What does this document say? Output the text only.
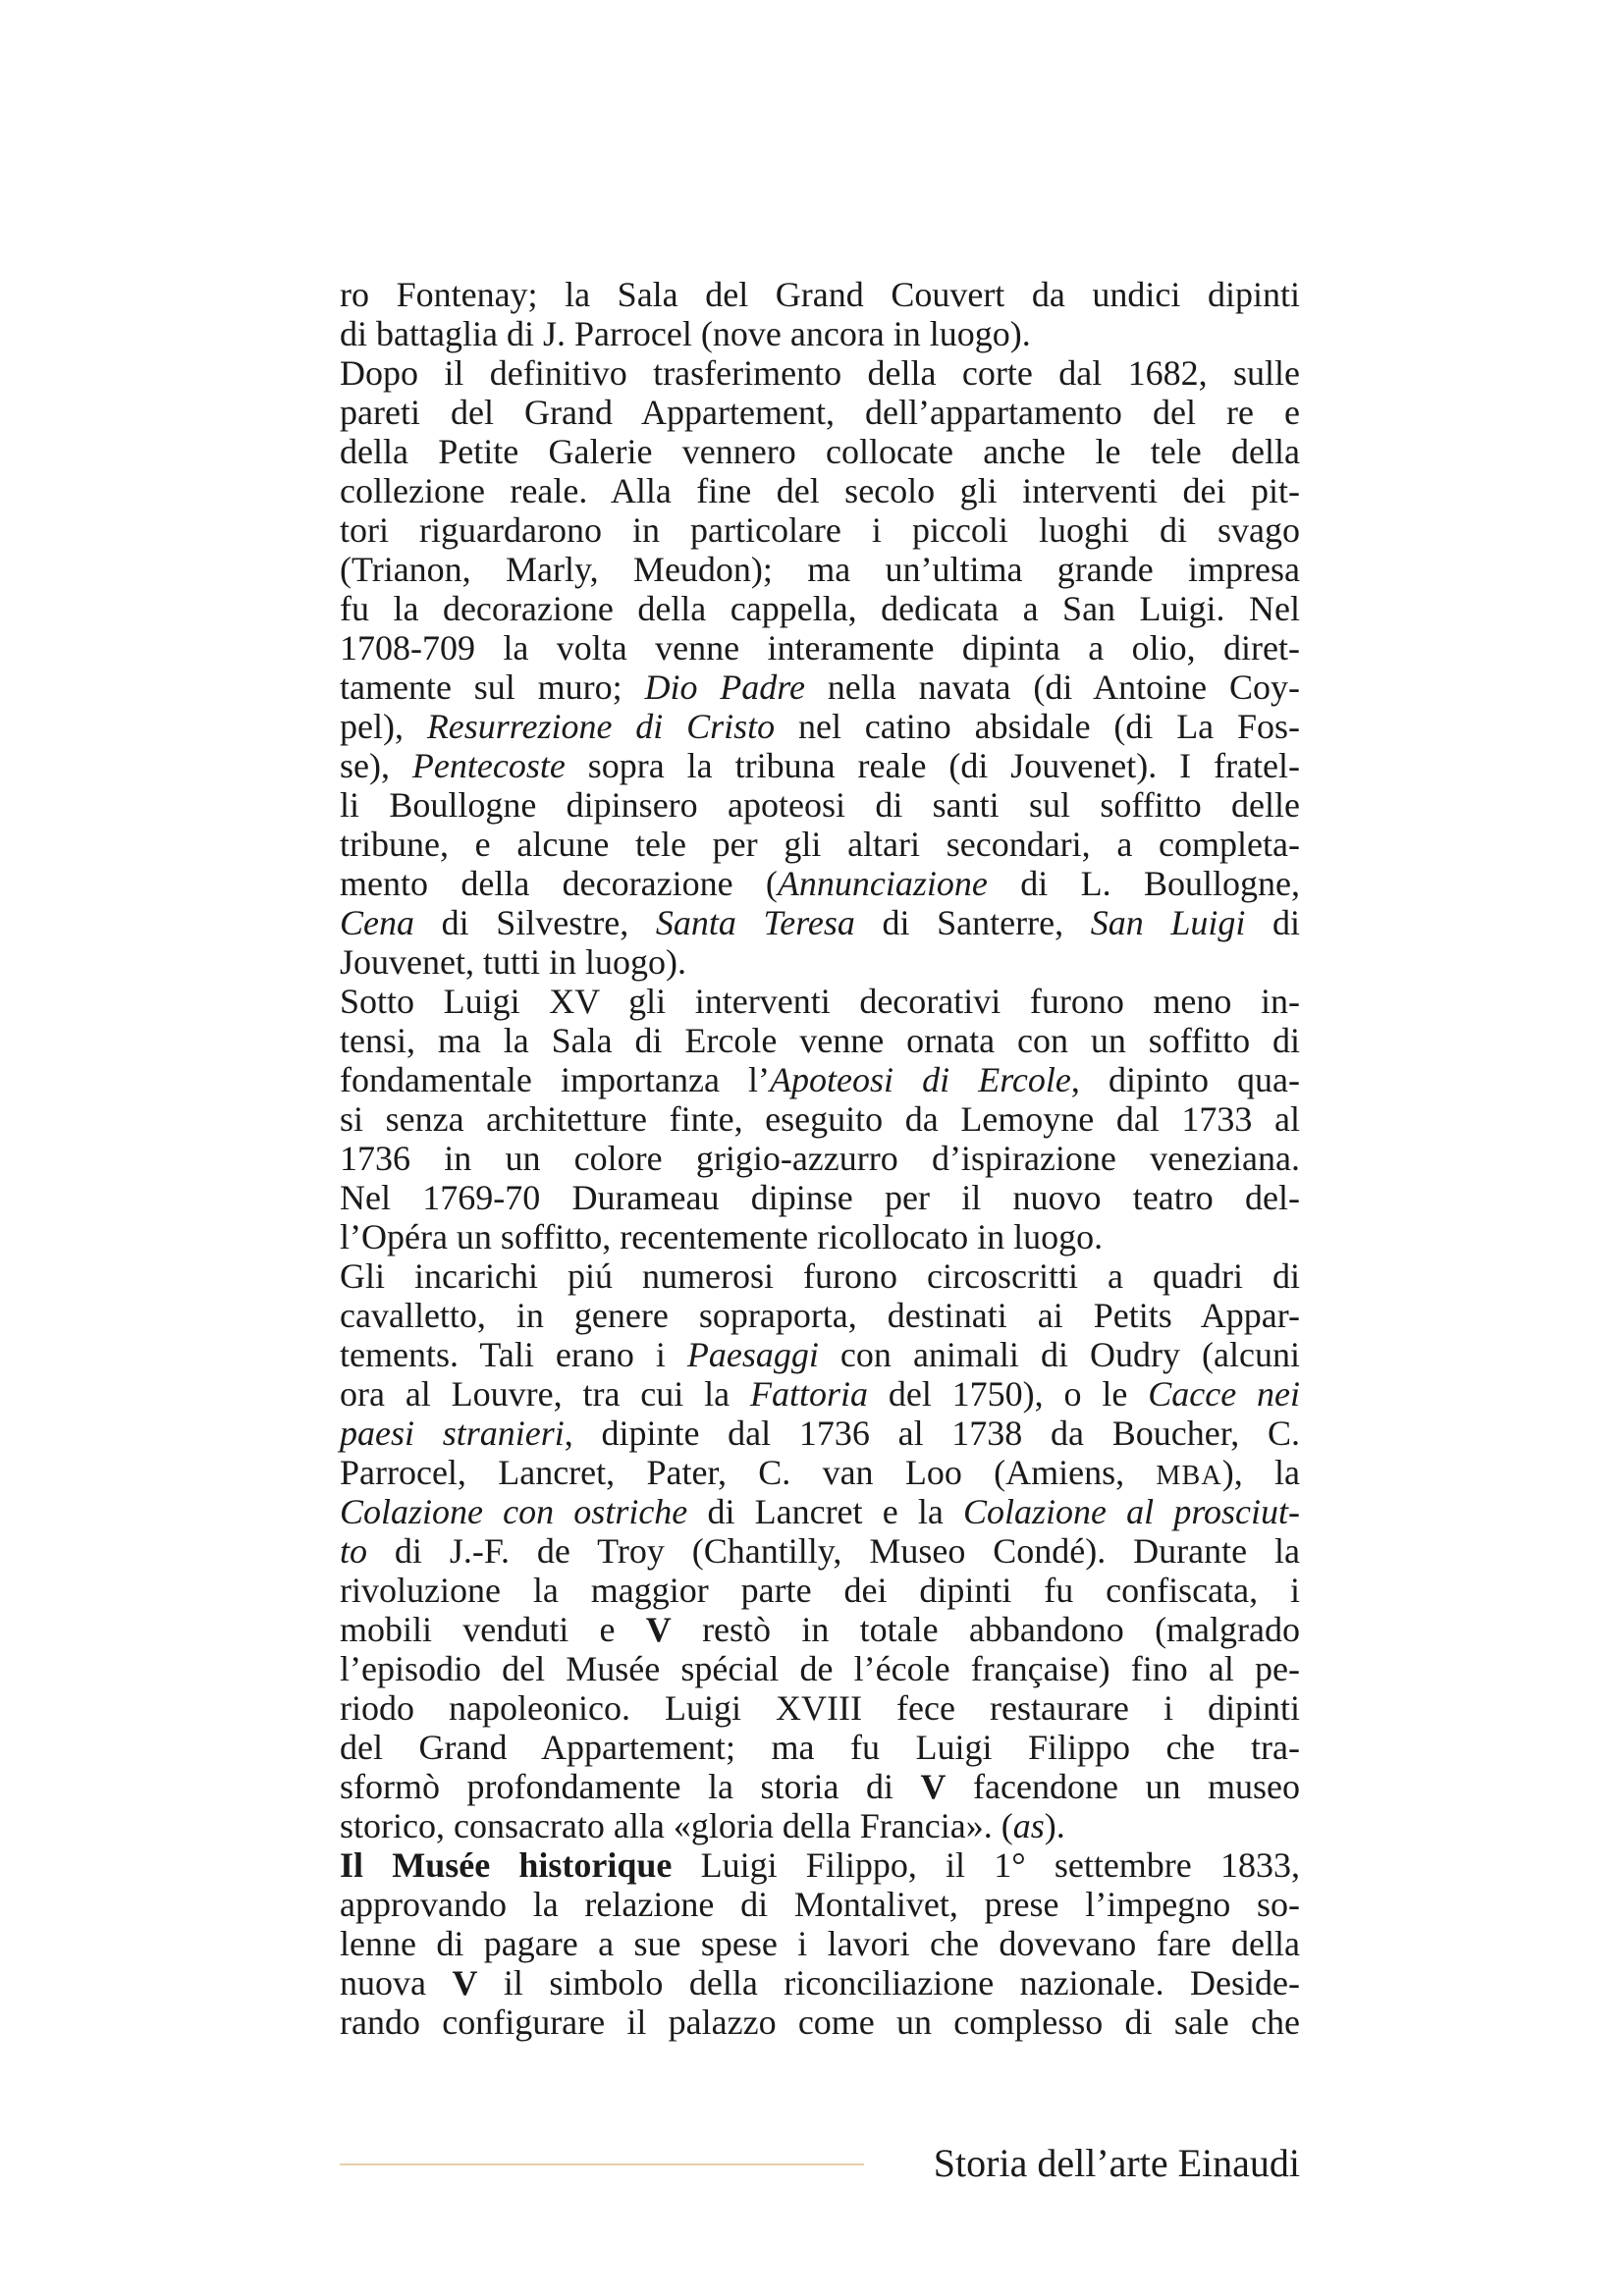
ro Fontenay; la Sala del Grand Couvert da undici dipinti
di battaglia di J. Parrocel (nove ancora in luogo).
Dopo il definitivo trasferimento della corte dal 1682, sulle
pareti del Grand Appartement, dell’appartamento del re e
della Petite Galerie vennero collocate anche le tele della
collezione reale. Alla fine del secolo gli interventi dei pit-
tori riguardarono in particolare i piccoli luoghi di svago
(Trianon, Marly, Meudon); ma un’ultima grande impresa
fu la decorazione della cappella, dedicata a San Luigi. Nel
1708-709 la volta venne interamente dipinta a olio, diret-
tamente sul muro; Dio Padre nella navata (di Antoine Coy-
pel), Resurrezione di Cristo nel catino absidale (di La Fos-
se), Pentecoste sopra la tribuna reale (di Jouvenet). I fratel-
li Boullogne dipinsero apoteosi di santi sul soffitto delle
tribune, e alcune tele per gli altari secondari, a completa-
mento della decorazione (Annunciazione di L. Boullogne,
Cena di Silvestre, Santa Teresa di Santerre, San Luigi di
Jouvenet, tutti in luogo).
Sotto Luigi XV gli interventi decorativi furono meno in-
tensi, ma la Sala di Ercole venne ornata con un soffitto di
fondamentale importanza l’Apoteosi di Ercole, dipinto qua-
si senza architetture finte, eseguito da Lemoyne dal 1733 al
1736 in un colore grigio-azzurro d’ispirazione veneziana.
Nel 1769-70 Durameau dipinse per il nuovo teatro del-
l’Opéra un soffitto, recentemente ricollocato in luogo.
Gli incarichi piú numerosi furono circoscritti a quadri di
cavalletto, in genere sopraporta, destinati ai Petits Appar-
tements. Tali erano i Paesaggi con animali di Oudry (alcuni
ora al Louvre, tra cui la Fattoria del 1750), o le Cacce nei
paesi stranieri, dipinte dal 1736 al 1738 da Boucher, C.
Parrocel, Lancret, Pater, C. van Loo (Amiens, MBA), la
Colazione con ostriche di Lancret e la Colazione al prosciut-
to di J.-F. de Troy (Chantilly, Museo Condé). Durante la
rivoluzione la maggior parte dei dipinti fu confiscata, i
mobili venduti e V restò in totale abbandono (malgrado
l’episodio del Musée spécial de l’école française) fino al pe-
riodo napoleonico. Luigi XVIII fece restaurare i dipinti
del Grand Appartement; ma fu Luigi Filippo che tra-
sformò profondamente la storia di V facendone un museo
storico, consacrato alla «gloria della Francia». (as).
Il Musée historique Luigi Filippo, il 1° settembre 1833,
approvando la relazione di Montalivet, prese l’impegno so-
lenne di pagare a sue spese i lavori che dovevano fare della
nuova V il simbolo della riconciliazione nazionale. Deside-
rando configurare il palazzo come un complesso di sale che
Storia dell’arte Einaudi
